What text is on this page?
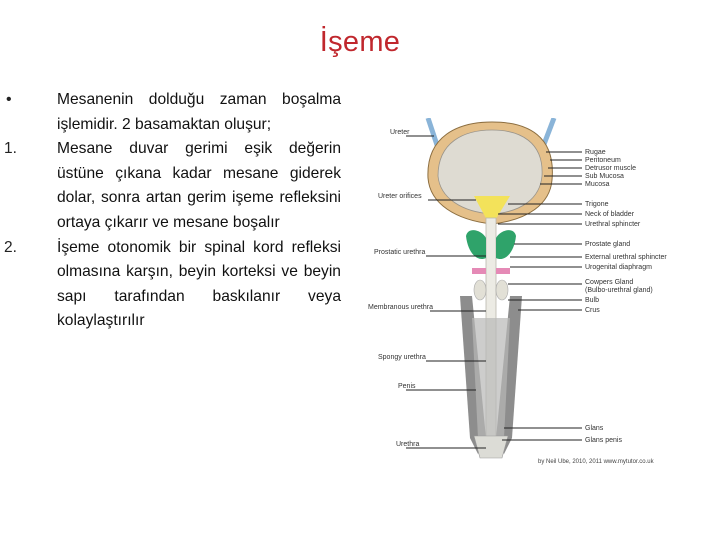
İşeme
•	Mesanenin dolduğu zaman boşalma işlemidir. 2 basamaktan oluşur;
1.	Mesane duvar gerimi eşik değerin üstüne çıkana kadar mesane giderek dolar, sonra artan gerim işeme refleksini ortaya çıkarır ve mesane boşalır
2.	İşeme otonomik bir spinal kord refleksi olmasına karşın, beyin korteksi ve beyin sapı tarafından baskılanır veya kolaylaştırılır
Ureter
Ureter orifices
Prostatic urethra
Membranous urethra
Spongy urethra
Penis
Urethra
Rugae
Peritoneum
Detrusor muscle
Sub Mucosa
Mucosa
Trigone
Neck of bladder
Urethral sphincter
Prostate gland
External urethral sphincter
Urogenital diaphragm
Cowpers Gland
(Bulbo-urethral gland)
Bulb
Crus
Glans
Glans penis
by Neil Ube, 2010, 2011 www.mytutor.co.uk
